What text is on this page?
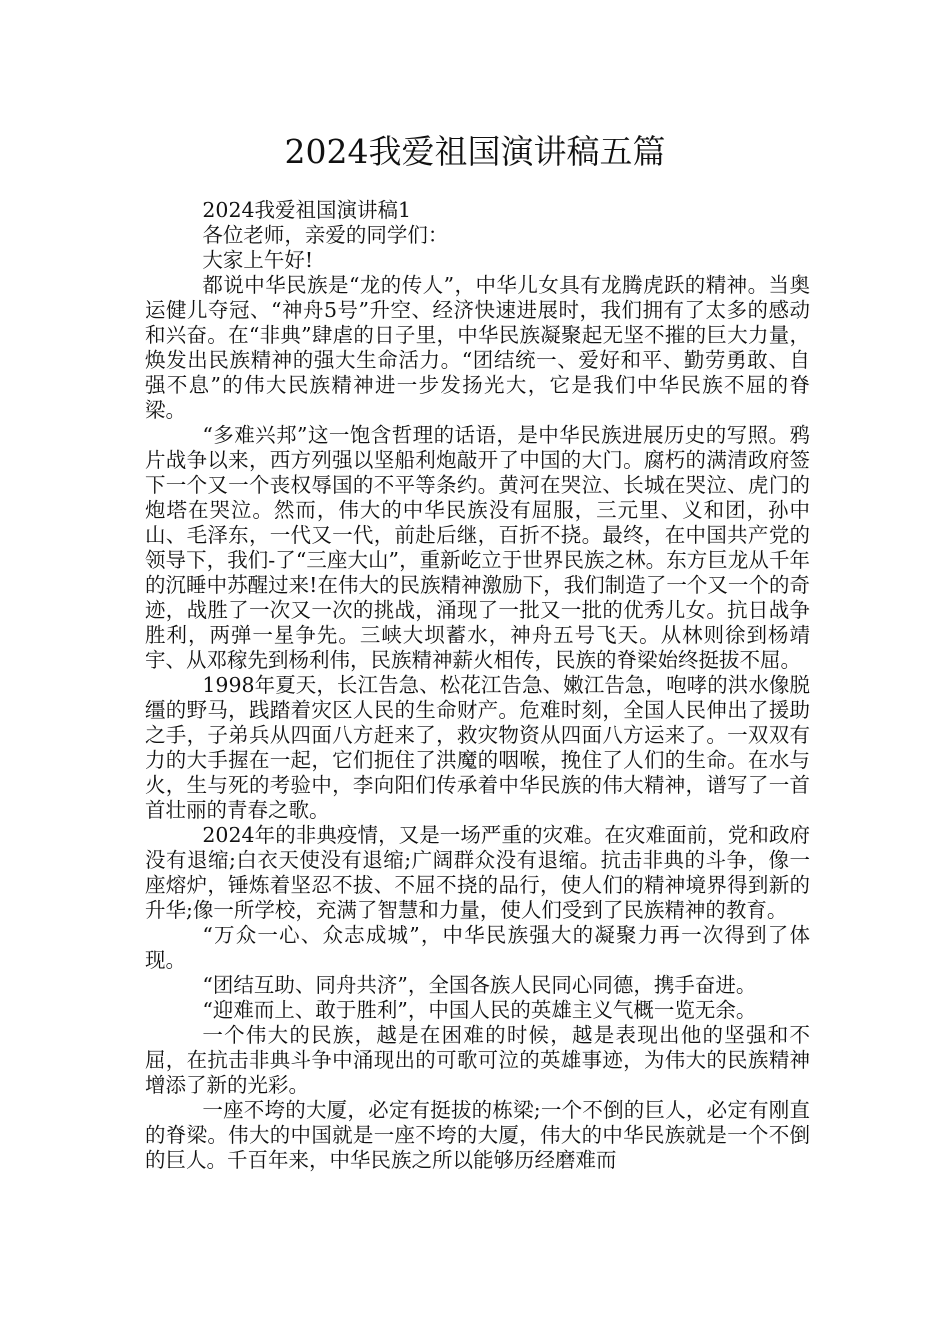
2024我爱祖国演讲稿五篇

2024我爱祖国演讲稿1

各位老师，亲爱的同学们：

大家上午好!

都说中华民族是“龙的传人”，中华儿女具有龙腾虎跃的精神。当奥运健儿夺冠、“神舟5号”升空、经济快速进展时，我们拥有了太多的感动和兴奋。在“非典”肆虐的日子里，中华民族凝聚起无坚不摧的巨大力量，焕发出民族精神的强大生命活力。“团结统一、爱好和平、勤劳勇敢、自强不息”的伟大民族精神进一步发扬光大，它是我们中华民族不屈的脊梁。

“多难兴邦”这一饱含哲理的话语，是中华民族进展历史的写照。鸦片战争以来，西方列强以坚船利炮敲开了中国的大门。腐朽的满清政府签下一个又一个丧权辱国的不平等条约。黄河在哭泣、长城在哭泣、虎门的炮塔在哭泣。然而，伟大的中华民族没有屈服，三元里、义和团，孙中山、毛泽东，一代又一代，前赴后继，百折不挠。最终，在中国共产党的领导下，我们-了“三座大山”，重新屹立于世界民族之林。东方巨龙从千年的沉睡中苏醒过来!在伟大的民族精神激励下，我们制造了一个又一个的奇迹，战胜了一次又一次的挑战，涌现了一批又一批的优秀儿女。抗日战争胜利，两弹一星争先。三峡大坝蓄水，神舟五号飞天。从林则徐到杨靖宇、从邓稼先到杨利伟，民族精神薪火相传，民族的脊梁始终挺拔不屈。

1998年夏天，长江告急、松花江告急、嫩江告急，咆哮的洪水像脱缰的野马，践踏着灾区人民的生命财产。危难时刻，全国人民伸出了援助之手，子弟兵从四面八方赶来了，救灾物资从四面八方运来了。一双双有力的大手握在一起，它们扼住了洪魔的咽喉，挽住了人们的生命。在水与火，生与死的考验中，李向阳们传承着中华民族的伟大精神，谱写了一首首壮丽的青春之歌。

2024年的非典疫情，又是一场严重的灾难。在灾难面前，党和政府没有退缩;白衣天使没有退缩;广阔群众没有退缩。抗击非典的斗争，像一座熔炉，锤炼着坚忍不拔、不屈不挠的品行，使人们的精神境界得到新的升华;像一所学校，充满了智慧和力量，使人们受到了民族精神的教育。

“万众一心、众志成城”，中华民族强大的凝聚力再一次得到了体现。

“团结互助、同舟共济”，全国各族人民同心同德，携手奋进。

“迎难而上、敢于胜利”，中国人民的英雄主义气概一览无余。

一个伟大的民族，越是在困难的时候，越是表现出他的坚强和不屈，在抗击非典斗争中涌现出的可歌可泣的英雄事迹，为伟大的民族精神增添了新的光彩。

一座不垮的大厦，必定有挺拔的栋梁;一个不倒的巨人，必定有刚直的脊梁。伟大的中国就是一座不垮的大厦，伟大的中华民族就是一个不倒的巨人。千百年来，中华民族之所以能够历经磨难而
